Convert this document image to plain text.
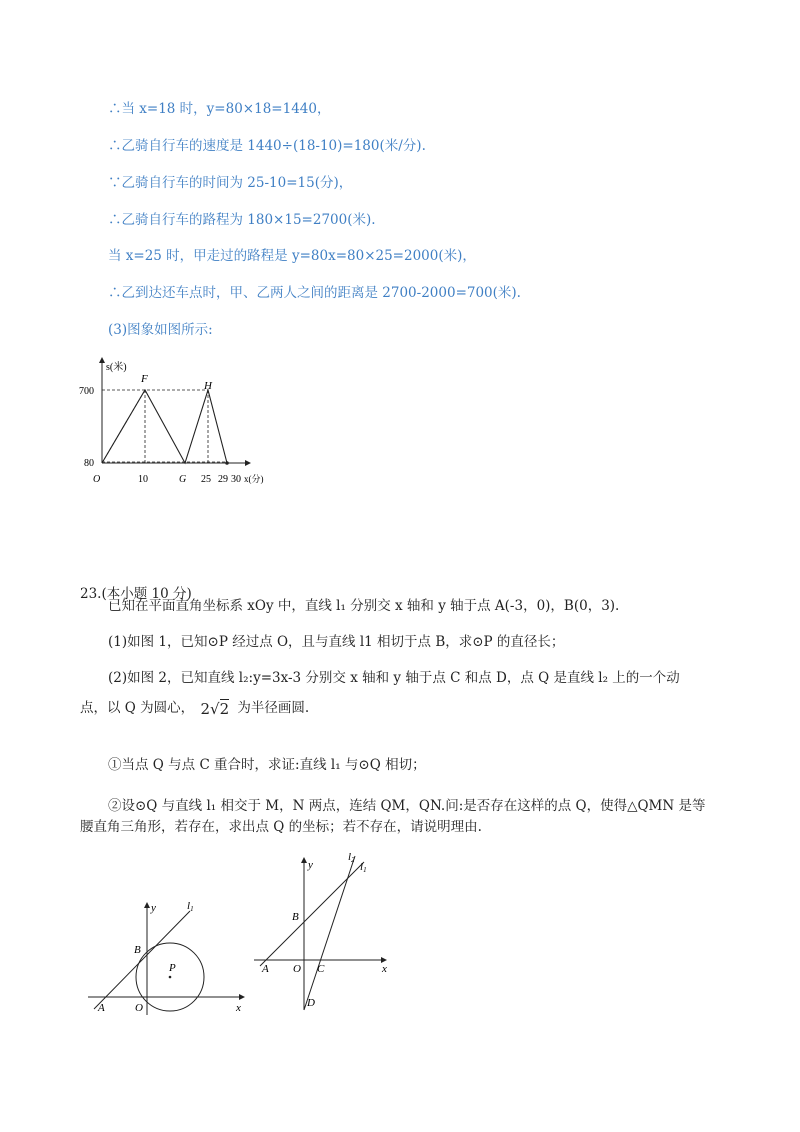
∴当 x=18 时，y=80×18=1440，
∴乙骑自行车的速度是 1440÷(18-10)=180(米/分).
∵乙骑自行车的时间为 25-10=15(分)，
∴乙骑自行车的路程为 180×15=2700(米).
当 x=25 时，甲走过的路程是 y=80x=80×25=2000(米)，
∴乙到达还车点时，甲、乙两人之间的距离是 2700-2000=700(米).
(3)图象如图所示:
s(米)
700
80
O	10	G 25 29 30 x(分)
F
H
23.(本小题 10 分)
已知在平面直角坐标系 xOy 中，直线 l₁ 分别交 x 轴和 y 轴于点 A(-3，0)，B(0，3).
(1)如图 1，已知⊙P 经过点 O，且与直线 l1 相切于点 B，求⊙P 的直径长；
(2)如图 2，已知直线 l₂:y=3x-3 分别交 x 轴和 y 轴于点 C 和点 D，点 Q 是直线 l₂ 上的一个动
点，以 Q 为圆心， 2√2 为半径画圆.
①当点 Q 与点 C 重合时，求证:直线 l₁ 与⊙Q 相切；
②设⊙Q 与直线 l₁ 相交于 M，N 两点，连结 QM，QN.问:是否存在这样的点 Q，使得△QMN 是等
腰直角三角形，若存在，求出点 Q 的坐标；若不存在，请说明理由.
y
x
l1
B
P
A	O
y
x
l2
l1
B
A O C
D
